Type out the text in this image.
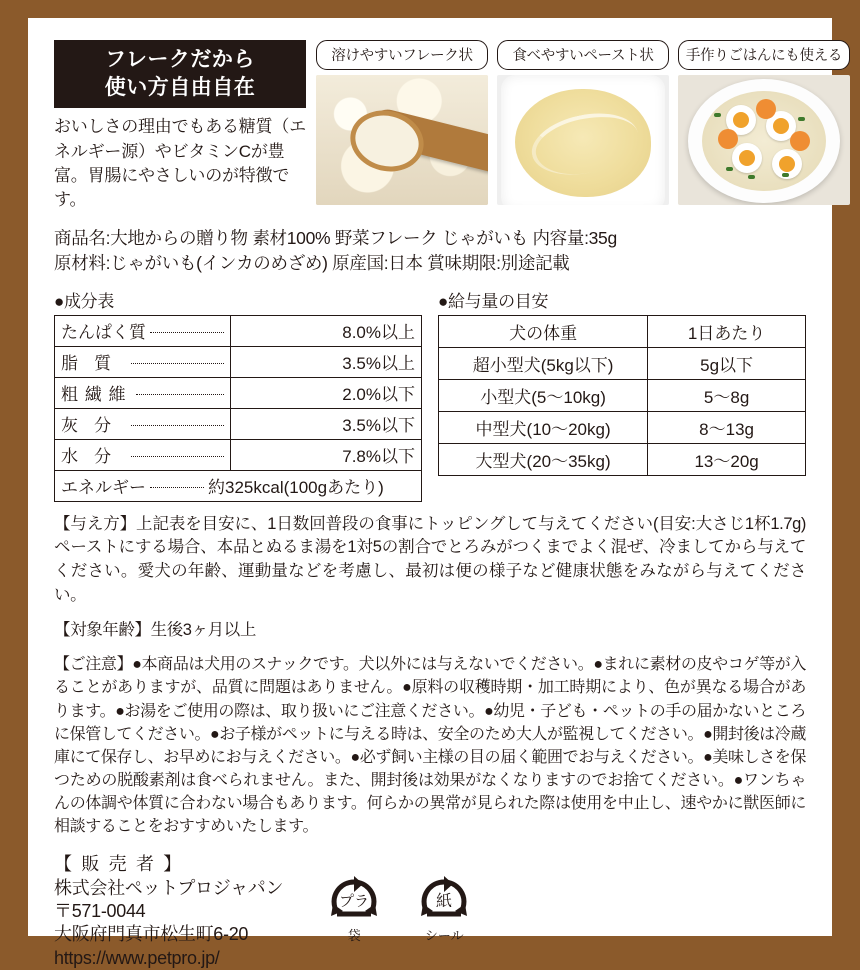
フレークだから
使い方自由自在
おいしさの理由でもある糖質（エネルギー源）やビタミンCが豊富。胃腸にやさしいのが特徴です。
溶けやすいフレーク状	食べやすいペースト状	手作りごはんにも使える
商品名:大地からの贈り物 素材100% 野菜フレーク じゃがいも 内容量:35g
原材料:じゃがいも(インカのめざめ) 原産国:日本 賞味期限:別途記載
●成分表
たんぱく質	8.0%以上

脂質	3.5%以上

粗繊維	2.0%以下

灰分	3.5%以下

水分	7.8%以下

エネルギー 約325kcal(100gあたり)	
●給与量の目安
犬の体重	1日あたり
超小型犬(5kg以下)	5g以下
小型犬(5〜10kg)	5〜8g
中型犬(10〜20kg)	8〜13g
大型犬(20〜35kg)	13〜20g
【与え方】上記表を目安に、1日数回普段の食事にトッピングして与えてください(目安:大さじ1杯1.7g)ペーストにする場合、本品とぬるま湯を1対5の割合でとろみがつくまでよく混ぜ、冷ましてから与えてください。愛犬の年齢、運動量などを考慮し、最初は便の様子など健康状態をみながら与えてください。
【対象年齢】生後3ヶ月以上
【ご注意】●本商品は犬用のスナックです。犬以外には与えないでください。●まれに素材の皮やコゲ等が入ることがありますが、品質に問題はありません。●原料の収穫時期・加工時期により、色が異なる場合があります。●お湯をご使用の際は、取り扱いにご注意ください。●幼児・子ども・ペットの手の届かないところに保管してください。●お子様がペットに与える時は、安全のため大人が監視してください。●開封後は冷蔵庫にて保存し、お早めにお与えください。●必ず飼い主様の目の届く範囲でお与えください。●美味しさを保つための脱酸素剤は食べられません。また、開封後は効果がなくなりますのでお捨てください。●ワンちゃんの体調や体質に合わない場合もあります。何らかの異常が見られた際は使用を中止し、速やかに獣医師に相談することをおすすめいたします。
【 販 売 者 】
株式会社ペットプロジャパン
〒571-0044
大阪府門真市松生町6-20
https://www.petpro.jp/
プラ
袋
紙
シール
